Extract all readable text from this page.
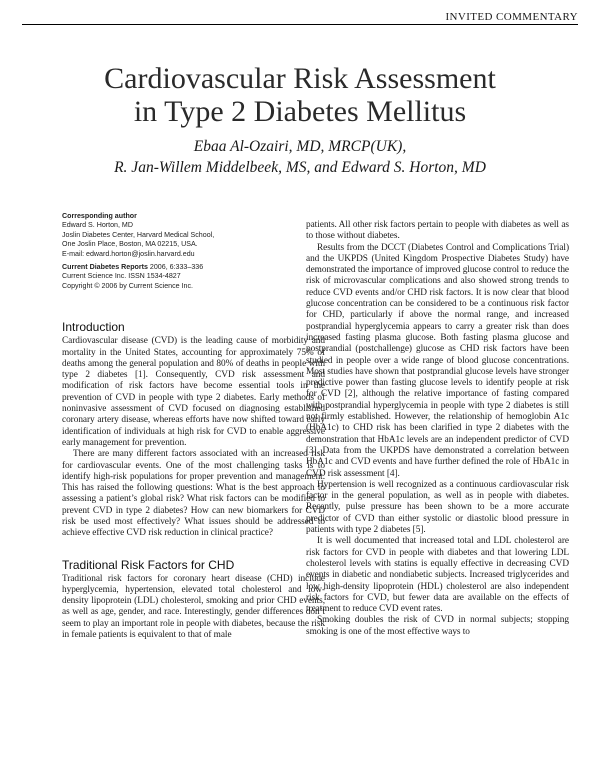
INVITED COMMENTARY
Cardiovascular Risk Assessment
in Type 2 Diabetes Mellitus
Ebaa Al-Ozairi, MD, MRCP(UK),
R. Jan-Willem Middelbeek, MS, and Edward S. Horton, MD
Corresponding author
Edward S. Horton, MD
Joslin Diabetes Center, Harvard Medical School,
One Joslin Place, Boston, MA 02215, USA.
E-mail: edward.horton@joslin.harvard.edu
Current Diabetes Reports 2006, 6:333–336
Current Science Inc. ISSN 1534-4827
Copyright © 2006 by Current Science Inc.
Introduction

Cardiovascular disease (CVD) is the leading cause of morbidity and mortality in the United States, accounting for approximately 75% of deaths among the general population and 80% of deaths in people with type 2 diabetes [1]. Consequently, CVD risk assessment and modification of risk factors have become essential tools in the prevention of CVD in people with type 2 diabetes. Early methods of noninvasive assessment of CVD focused on diagnosing established coronary artery disease, whereas efforts have now shifted toward early identification of individuals at high risk for CVD to enable aggressive early management for prevention.

There are many different factors associated with an increased risk for cardiovascular events. One of the most challenging tasks is to identify high-risk populations for proper prevention and management. This has raised the following questions: What is the best approach to assessing a patient’s global risk? What risk factors can be modified to prevent CVD in type 2 diabetes? How can new biomarkers for CVD risk be used most effectively? What issues should be addressed to achieve effective CVD risk reduction in clinical practice?

Traditional Risk Factors for CHD

Traditional risk factors for coronary heart disease (CHD) include hyperglycemia, hypertension, elevated total cholesterol and low-density lipoprotein (LDL) cholesterol, smoking and prior CHD events, as well as age, gender, and race. Interestingly, gender differences don’t seem to play an important role in people with diabetes, because the risk in female patients is equivalent to that of male

patients. All other risk factors pertain to people with diabetes as well as to those without diabetes.

Results from the DCCT (Diabetes Control and Complications Trial) and the UKPDS (United Kingdom Prospective Diabetes Study) have demonstrated the importance of improved glucose control to reduce the risk of microvascular complications and also showed strong trends to reduce CVD events and/or CHD risk factors. It is now clear that blood glucose concentration can be considered to be a continuous risk factor for CHD, particularly if above the normal range, and increased postprandial hyperglycemia appears to carry a greater risk than does increased fasting plasma glucose. Both fasting plasma glucose and postprandial (postchallenge) glucose as CHD risk factors have been studied in people over a wide range of blood glucose concentrations. Most studies have shown that postprandial glucose levels have stronger predictive power than fasting glucose levels to identify people at risk for CVD [2], although the relative importance of fasting compared with postprandial hyperglycemia in people with type 2 diabetes is still not firmly established. However, the relationship of hemoglobin A1c (HbA1c) to CHD risk has been clarified in type 2 diabetes with the demonstration that HbA1c levels are an independent predictor of CVD [3]. Data from the UKPDS have demonstrated a correlation between HbA1c and CVD events and have further defined the role of HbA1c in CVD risk assessment [4].

Hypertension is well recognized as a continuous cardiovascular risk factor in the general population, as well as in people with diabetes. Recently, pulse pressure has been shown to be a more accurate predictor of CVD than either systolic or diastolic blood pressure in patients with type 2 diabetes [5].

It is well documented that increased total and LDL cholesterol are risk factors for CVD in people with diabetes and that lowering LDL cholesterol levels with statins is equally effective in decreasing CVD events in diabetic and nondiabetic subjects. Increased triglycerides and low high-density lipoprotein (HDL) cholesterol are also independent risk factors for CVD, but fewer data are available on the effects of treatment to reduce CVD event rates.

Smoking doubles the risk of CVD in normal subjects; stopping smoking is one of the most effective ways to
